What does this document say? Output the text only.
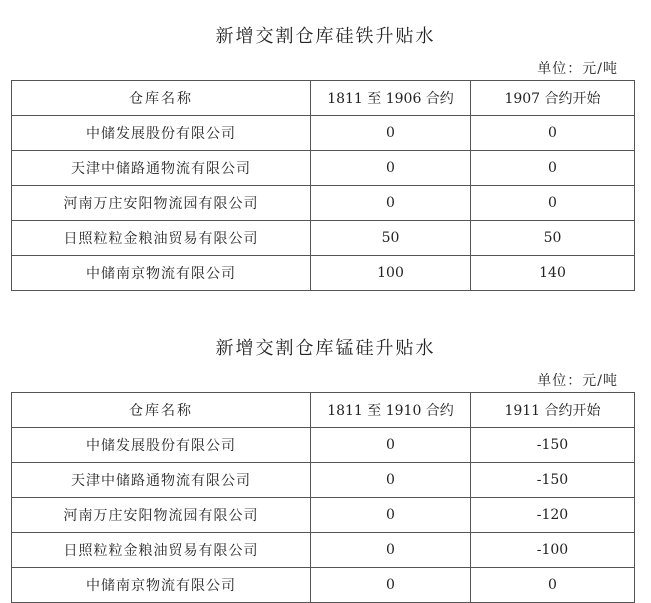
新增交割仓库硅铁升贴水
单位：元/吨
仓库名称	1811 至 1906 合约	1907 合约开始
中储发展股份有限公司	0	0
天津中储路通物流有限公司	0	0
河南万庄安阳物流园有限公司	0	0
日照粒粒金粮油贸易有限公司	50	50
中储南京物流有限公司	100	140
新增交割仓库锰硅升贴水
单位：元/吨
仓库名称	1811 至 1910 合约	1911 合约开始
中储发展股份有限公司	0	-150
天津中储路通物流有限公司	0	-150
河南万庄安阳物流园有限公司	0	-120
日照粒粒金粮油贸易有限公司	0	-100
中储南京物流有限公司	0	0
